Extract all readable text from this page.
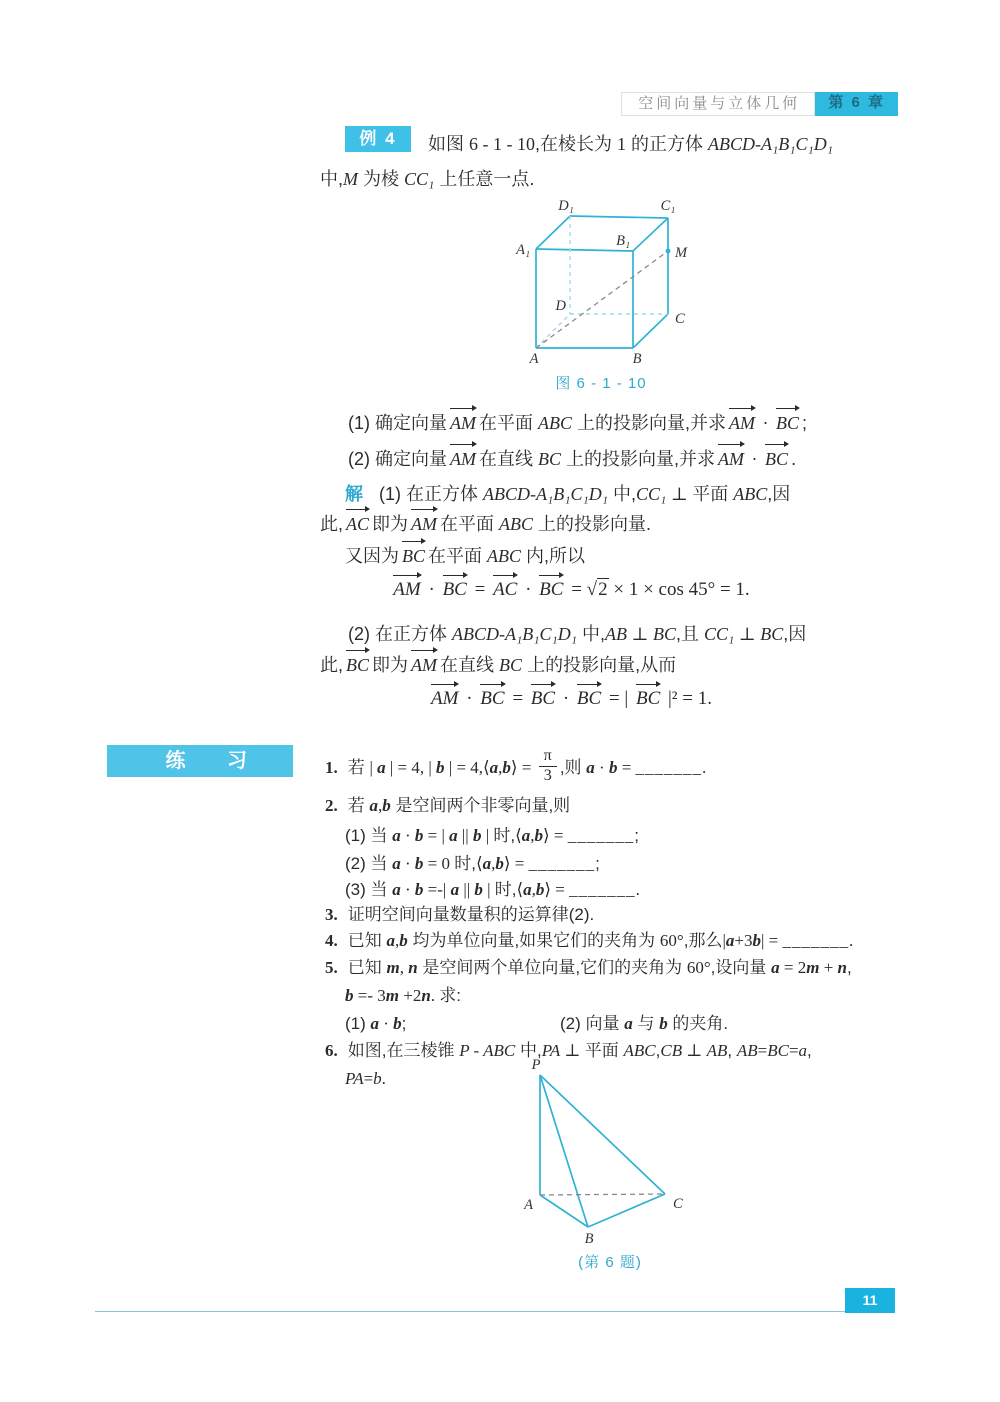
空间向量与立体几何	第 6 章
例 4	如图 6 - 1 - 10,在棱长为 1 的正方体 ABCD-A₁B₁C₁D₁
中,M 为棱 CC₁ 上任意一点.
D₁	C₁
A₁
B₁
M
D
C
A	B
图 6 - 1 - 10
(1) 确定向量 AM 在平面 ABC 上的投影向量,并求 AM · BC ;
(2) 确定向量 AM 在直线 BC 上的投影向量,并求 AM · BC .
解 (1) 在正方体 ABCD-A₁B₁C₁D₁ 中,CC₁ ⊥ 平面 ABC,因
此, AC 即为 AM 在平面 ABC 上的投影向量.
又因为 BC 在平面 ABC 内,所以
AM · BC = AC · BC = √2 × 1 × cos 45° = 1.
(2) 在正方体 ABCD-A₁B₁C₁D₁ 中,AB ⊥ BC,且 CC₁ ⊥ BC,因
此, BC 即为 AM 在直线 BC 上的投影向量,从而
AM · BC = BC · BC = | BC |² = 1.
练 习	1. 若 | a | = 4, | b | = 4,⟨a,b⟩ = $\frac{\pi}{3}$ ,则 a · b = _______.
2. 若 a,b 是空间两个非零向量,则
(1) 当 a · b = | a || b | 时,⟨a,b⟩ = _______;
(2) 当 a · b = 0 时,⟨a,b⟩ = _______;
(3) 当 a · b =-| a || b | 时,⟨a,b⟩ = _______.
3. 证明空间向量数量积的运算律(2).
4. 已知 a,b 均为单位向量,如果它们的夹角为 60°,那么|a+3b| = _______.
5. 已知 m, n 是空间两个单位向量,它们的夹角为 60°,设向量 a = 2m + n,
b =- 3m +2n. 求:
(1) a · b;	(2) 向量 a 与 b 的夹角.
6. 如图,在三棱锥 P - ABC 中,PA ⊥ 平面 ABC,CB ⊥ AB, AB=BC=a,
PA=b.
P
A	C
B
(第 6 题)
11
